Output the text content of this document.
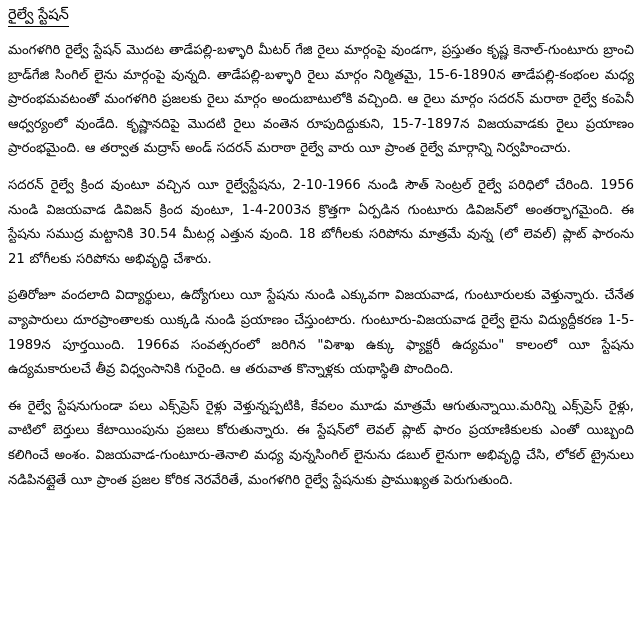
రైల్వే స్టేషన్

మంగళగిరి రైల్వే స్టేషన్ మొదట తాడేపల్లి-బళ్ళారి మీటర్ గేజి రైలు మార్గంపై వుండగా, ప్రస్తుతం కృష్ణ కెనాల్-గుంటూరు బ్రాంచి బ్రాడ్‌గేజి సింగిల్ లైను మార్గంపై వున్నది. తాడేపల్లి-బళ్ళారి రైలు మార్గం నిర్మితమై, 15-6-1890న తాడేపల్లి-కంభంల మధ్య ప్రారంభమవటంతో మంగళగిరి ప్రజలకు రైలు మార్గం అందుబాటులోకి వచ్చింది. ఆ రైలు మార్గం సదరన్ మరాఠా రైల్వే కంపెనీ ఆధ్వర్యంలో వుండేది. కృష్ణానదిపై మొదటి రైలు వంతెన రూపుదిద్దుకుని, 15-7-1897న విజయవాడకు రైలు ప్రయాణం ప్రారంభమైంది. ఆ తర్వాత మద్రాస్ అండ్ సదరన్ మరాఠా రైల్వే వారు యీ ప్రాంత రైల్వే మార్గాన్ని నిర్వహించారు.

సదరన్ రైల్వే క్రింద వుంటూ వచ్చిన యీ రైల్వేస్టేషను, 2-10-1966 నుండి సౌత్ సెంట్రల్ రైల్వే పరిధిలో చేరింది. 1956 నుండి విజయవాడ డివిజన్ క్రింద వుంటూ, 1-4-2003న క్రొత్తగా ఏర్పడిన గుంటూరు డివిజన్‌లో అంతర్భాగమైంది. ఈ స్టేషను సముద్ర మట్టానికి 30.54 మీటర్ల ఎత్తున వుంది. 18 బోగీలకు సరిపోను మాత్రమే వున్న (లో లెవల్) ప్లాట్ ఫారంను 21 బోగీలకు సరిపోను అభివృద్ధి చేశారు.

ప్రతిరోజూ వందలాది విద్యార్థులు, ఉద్యోగులు యీ స్టేషను నుండి ఎక్కువగా విజయవాడ, గుంటూరులకు వెళ్తున్నారు. చేనేత వ్యాపారులు దూరప్రాంతాలకు యిక్కడి నుండి ప్రయాణం చేస్తుంటారు. గుంటూరు-విజయవాడ రైల్వే లైను విద్యుద్దీకరణ 1-5-1989న పూర్తయింది. 1966వ సంవత్సరంలో జరిగిన "విశాఖ ఉక్కు ఫ్యాక్టరీ ఉద్యమం" కాలంలో యీ స్టేషను ఉద్యమకారులచే తీవ్ర విధ్వంసానికి గురైంది. ఆ తరువాత కొన్నాళ్లకు యథాస్థితి పొందింది.

ఈ రైల్వే స్టేషనుగుండా పలు ఎక్స్‌ప్రెస్ రైళ్లు వెళ్తున్నప్పటికి, కేవలం మూడు మాత్రమే ఆగుతున్నాయి.మరిన్ని ఎక్స్‌ప్రెస్ రైళ్లు, వాటిలో బెర్తులు కేటాయింపును ప్రజలు కోరుతున్నారు. ఈ స్టేషన్‌లో లెవల్ ప్లాట్ ఫారం ప్రయాణికులకు ఎంతో యిబ్బంది కలిగించే అంశం. విజయవాడ-గుంటూరు-తెనాలి మధ్య వున్నసింగిల్ లైనును డబుల్ లైనుగా అభివృద్ధి చేసి, లోకల్ ట్రైనులు నడిపినట్లైతే యీ ప్రాంత ప్రజల కోరిక నెరవేరితే, మంగళగిరి రైల్వే స్టేషనుకు ప్రాముఖ్యత పెరుగుతుంది.
